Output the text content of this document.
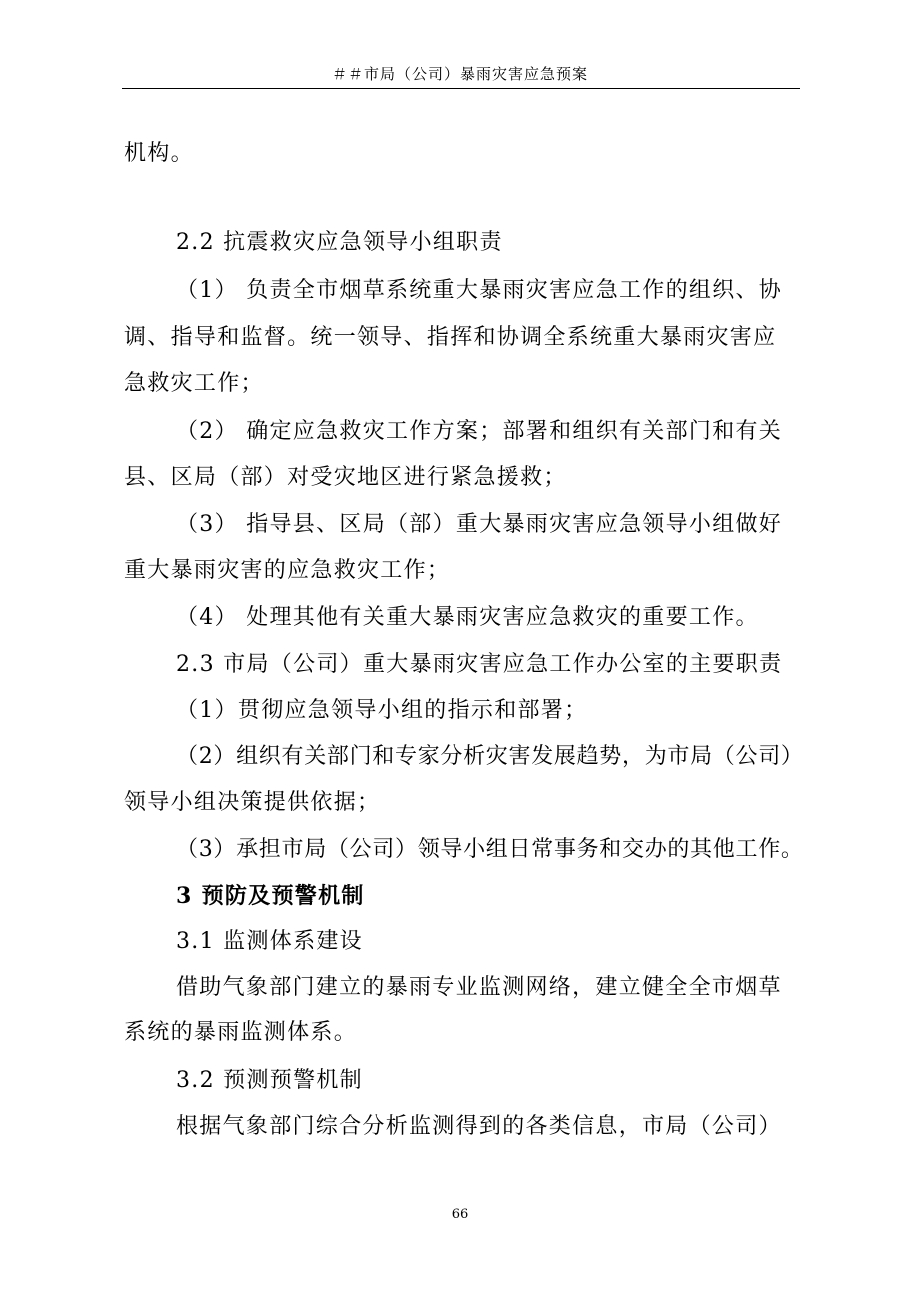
＃＃市局（公司）暴雨灾害应急预案
机构。
2.2 抗震救灾应急领导小组职责
（1） 负责全市烟草系统重大暴雨灾害应急工作的组织、协
调、指导和监督。统一领导、指挥和协调全系统重大暴雨灾害应
急救灾工作；
（2） 确定应急救灾工作方案；部署和组织有关部门和有关
县、区局（部）对受灾地区进行紧急援救；
（3） 指导县、区局（部）重大暴雨灾害应急领导小组做好
重大暴雨灾害的应急救灾工作；
（4） 处理其他有关重大暴雨灾害应急救灾的重要工作。
2.3 市局（公司）重大暴雨灾害应急工作办公室的主要职责
（1）贯彻应急领导小组的指示和部署；
（2）组织有关部门和专家分析灾害发展趋势，为市局（公司）
领导小组决策提供依据；
（3）承担市局（公司）领导小组日常事务和交办的其他工作。
3 预防及预警机制
3.1 监测体系建设
借助气象部门建立的暴雨专业监测网络，建立健全全市烟草
系统的暴雨监测体系。
3.2 预测预警机制
根据气象部门综合分析监测得到的各类信息，市局（公司）
66
